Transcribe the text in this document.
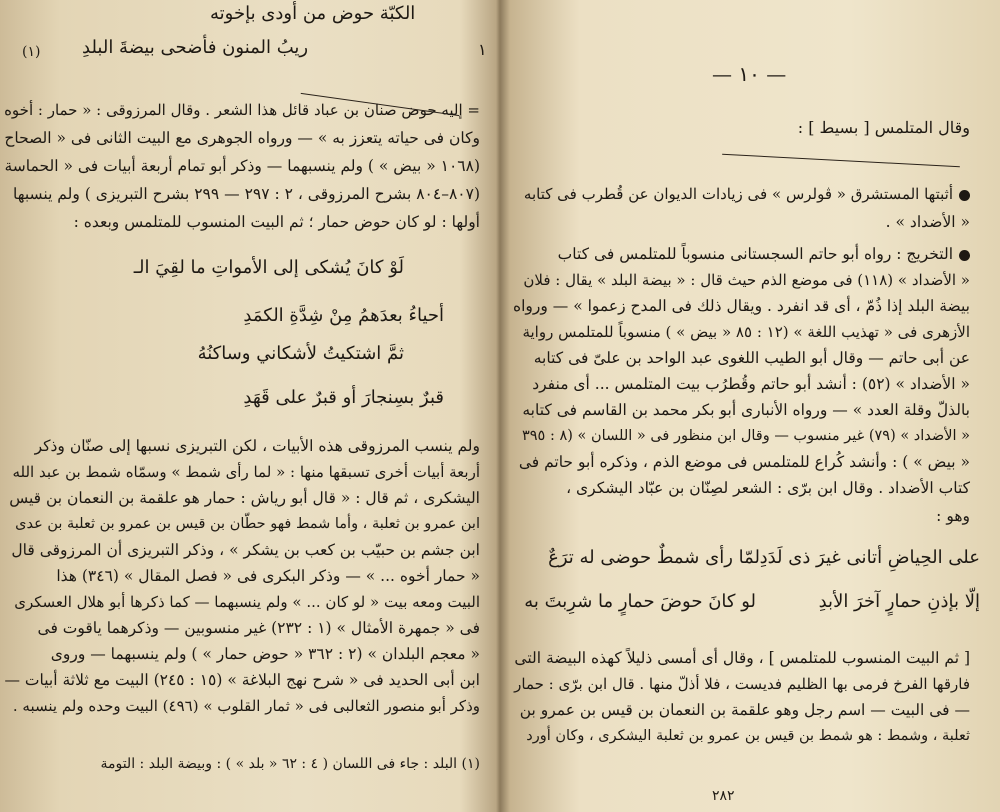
الكبّة حوض من أودى بإخوته
١
ريبُ المنون فأضحى بيضةَ البلدِ
(١)
= إليه حوض صنان بن عباد قائل هذا الشعر . وقال المرزوقى : « حمار : أخوه
وكان فى حياته يتعزز به » — ورواه الجوهرى مع البيت الثانى فى « الصحاح
(١٠٦٨ « بيض » ) ولم ينسبهما — وذكر أبو تمام أربعة أبيات فى « الحماسة
(٨٠٧–٨٠٤ بشرح المرزوقى ، ٢ : ٢٩٧ — ٢٩٩ بشرح التبريزى ) ولم ينسبها
أولها : لو كان حوض حمار ؛ ثم البيت المنسوب للمتلمس وبعده :
لَوْ كانَ يُشكى إلى الأمواتِ ما لقِيَ الـ
أحياءُ بعدَهمُ مِنْ شِدَّةِ الكمَدِ
ثمَّ اشتكيتُ لأشكاني وساكنُهُ
قبرٌ بسِنجارَ أو قبرٌ على قَهَدِ
ولم ينسب المرزوقى هذه الأبيات ، لكن التبريزى نسبها إلى صنّان وذكر
أربعة أبيات أخرى تسبقها منها : « لما رأى شمط » وسمّاه شمط بن عبد الله
اليشكرى ، ثم قال : « قال أبو رياش : حمار هو علقمة بن النعمان بن قيس
ابن عمرو بن ثعلبة ، وأما شمط فهو حطّان بن قيس بن عمرو بن ثعلبة بن عدى
ابن جشم بن حبيّب بن كعب بن يشكر » ، وذكر التبريزى أن المرزوقى قال
« حمار أخوه ... » — وذكر البكرى فى « فصل المقال » (٣٤٦) هذا
البيت ومعه بيت « لو كان ... » ولم ينسبهما — كما ذكرها أبو هلال العسكرى
فى « جمهرة الأمثال » (١ : ٢٣٢) غير منسوبين — وذكرهما ياقوت فى
« معجم البلدان » (٢ : ٣٦٢ « حوض حمار » ) ولم ينسبهما — وروى
ابن أبى الحديد فى « شرح نهج البلاغة » (١٥ : ٢٤٥) البيت مع ثلاثة أبيات —
وذكر أبو منصور الثعالبى فى « ثمار القلوب » (٤٩٦) البيت وحده ولم ينسبه .
(١) البلد : جاء فى اللسان ( ٤ : ٦٢ « بلد » ) : وبيضة البلد : التومة
— ١٠ —
وقال المتلمس [ بسيط ] :
أثبتها المستشرق « ڤولرس » فى زيادات الديوان عن قُطرب فى كتابه
« الأضداد » .
التخريج : رواه أبو حاتم السجستانى منسوباً للمتلمس فى كتاب
« الأضداد » (١١٨) فى موضع الذم حيث قال : « بيضة البلد » يقال : فلان
بيضة البلد إذا ذُمّ ، أى قد انفرد . ويقال ذلك فى المدح زعموا » — ورواه
الأزهرى فى « تهذيب اللغة » (١٢ : ٨٥ « بيض » ) منسوباً للمتلمس رواية
عن أبى حاتم — وقال أبو الطيب اللغوى عبد الواحد بن علىّ فى كتابه
« الأضداد » (٥٢) : أنشد أبو حاتم وقُطرُب بيت المتلمس ... أى منفرد
بالذلّ وقلة العدد » — ورواه الأنبارى أبو بكر محمد بن القاسم فى كتابه
« الأضداد » (٧٩) غير منسوب — وقال ابن منظور فى « اللسان » (٨ : ٣٩٥
« بيض » ) : وأنشد كُراع للمتلمس فى موضع الذم ، وذكره أبو حاتم فى
كتاب الأضداد . وقال ابن برّى : الشعر لصِنّان بن عبّاد اليشكرى ،
وهو :
لمّا رأى شمطٌ حوضى له ترَعٌ على الحِياضِ أتانى غيرَ ذى لَدَدِ
لو كانَ حوضَ حمارٍ ما شرِبتَ به	إلّا بإذنِ حمارٍ آخرَ الأبدِ
[ ثم البيت المنسوب للمتلمس ] ، وقال أى أمسى ذليلاً كهذه البيضة التى
فارقها الفرخ فرمى بها الظليم فديست ، فلا أذلّ منها . قال ابن برّى : حمار
— فى البيت — اسم رجل وهو علقمة بن النعمان بن قيس بن عمرو بن
ثعلبة ، وشمط : هو شمط بن قيس بن عمرو بن ثعلبة اليشكرى ، وكان أورد
٢٨٢
